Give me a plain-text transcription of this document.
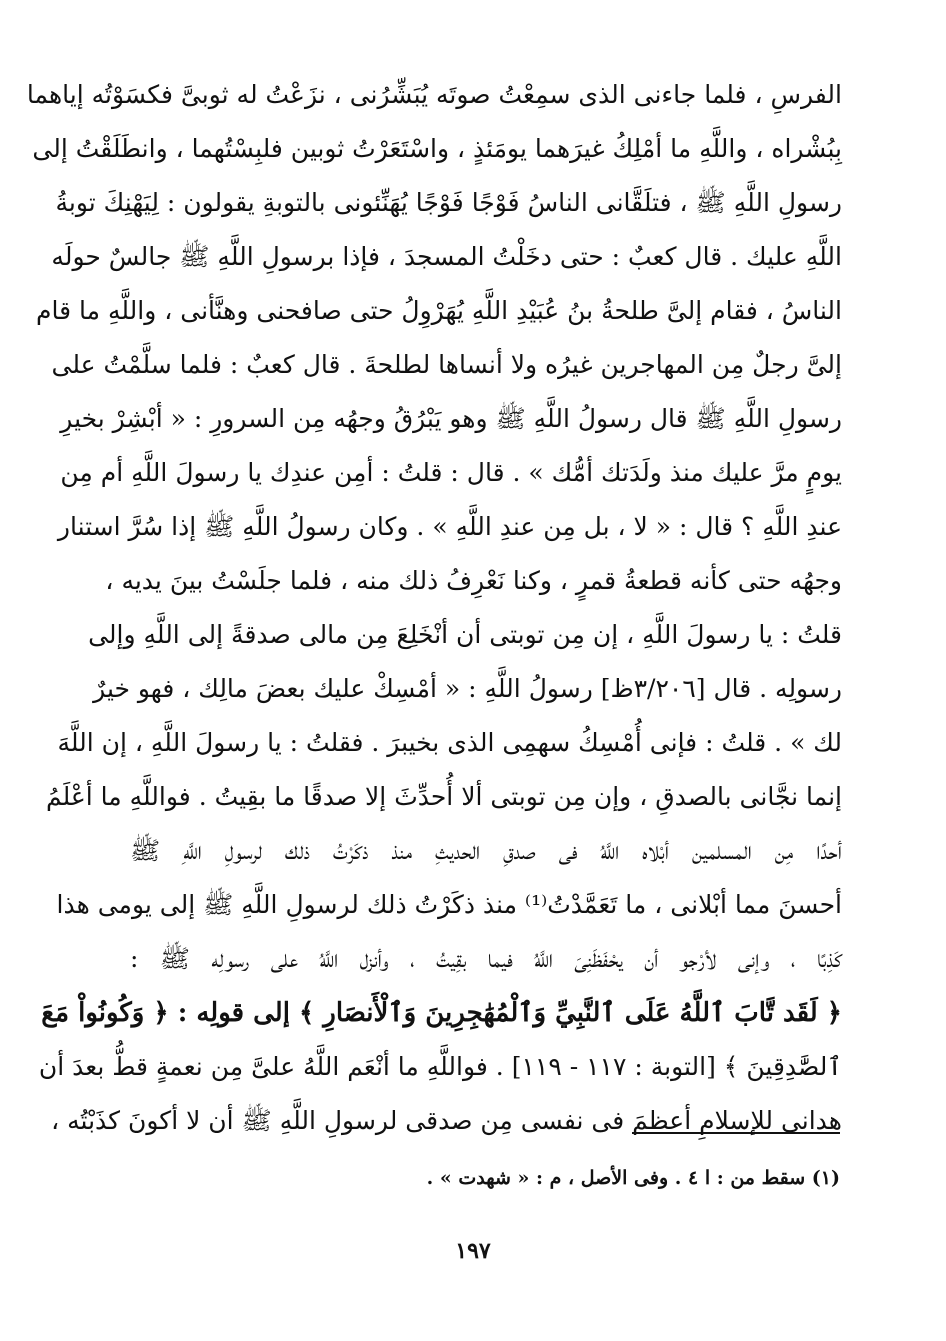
الفرسِ ، فلما جاءنى الذى سمِعْتُ صوتَه يُبَشِّرُنى ، نزَعْتُ له ثوبىَّ فكسَوْتُه إياهما
بِبُشْراه ، واللَّهِ ما أمْلِكُ غيرَهما يومَئذٍ ، واسْتَعَرْتُ ثوبين فلبِسْتُهما ، وانطَلَقْتُ إلى
رسولِ اللَّهِ ﷺ ، فتلَقَّانى الناسُ فَوْجًا فَوْجًا يُهَنِّئونى بالتوبةِ يقولون : لِيَهْنِكَ توبةُ
اللَّهِ عليك . قال كعبٌ : حتى دخَلْتُ المسجدَ ، فإذا برسولِ اللَّهِ ﷺ جالسٌ حولَه
الناسُ ، فقام إلىَّ طلحةُ بنُ عُبَيْدِ اللَّهِ يُهَرْوِلُ حتى صافحنى وهنَّأنى ، واللَّهِ ما قام
إلىَّ رجلٌ مِن المهاجرين غيرُه ولا أنساها لطلحةَ . قال كعبٌ : فلما سلَّمْتُ على
رسولِ اللَّهِ ﷺ قال رسولُ اللَّهِ ﷺ وهو يَبْرُقُ وجهُه مِن السرورِ : « أبْشِرْ بخيرِ
يومٍ مرَّ عليك منذ ولَدَتك أمُّك » . قال : قلتُ : أمِن عندِك يا رسولَ اللَّهِ أم مِن
عندِ اللَّهِ ؟ قال : « لا ، بل مِن عندِ اللَّهِ » . وكان رسولُ اللَّهِ ﷺ إذا سُرَّ استنار
وجهُه حتى كأنه قطعةُ قمرٍ ، وكنا نَعْرِفُ ذلك منه ، فلما جلَسْتُ بينَ يديه ،
قلتُ : يا رسولَ اللَّهِ ، إن مِن توبتى أن أنْخَلِعَ مِن مالى صدقةً إلى اللَّهِ وإلى
رسولِه . قال [٣/٢٠٦ظ] رسولُ اللَّهِ : « أمْسِكْ عليك بعضَ مالِك ، فهو خيرٌ
لك » . قلتُ : فإنى أُمْسِكُ سهمِى الذى بخيبرَ . فقلتُ : يا رسولَ اللَّهِ ، إن اللَّهَ
إنما نجَّانى بالصدقِ ، وإن مِن توبتى ألا أُحدِّثَ إلا صدقًا ما بقِيتُ . فواللَّهِ ما أعْلَمُ
أحدًا مِن المسلمين أبْلاه اللَّهُ فى صدقِ الحديثِ منذ ذكَرْتُ ذلك لرسولِ اللَّهِ ﷺ
أحسنَ مما أبْلانى ، ما تَعَمَّدْتُ⁽¹⁾ منذ ذكَرْتُ ذلك لرسولِ اللَّهِ ﷺ إلى يومى هذا
كَذِبًا ، وإنى لأرْجو أن يحْفَظَنِىَ اللَّهُ فيما بقِيتُ ، وأنزل اللَّهُ على رسولِه ﷺ :
﴿ لَقَد تَّابَ ٱللَّهُ عَلَى ٱلنَّبِيِّ وَٱلْمُهَٰجِرِينَ وَٱلْأَنصَارِ ﴾ إلى قولِه : ﴿ وَكُونُواْ مَعَ
ٱلصَّٰدِقِينَ ﴾ [التوبة : ١١٧ - ١١٩] . فواللَّهِ ما أنْعَم اللَّهُ علىَّ مِن نعمةٍ قطُّ بعدَ أن
هدانى للإسلامِ أعظمَ فى نفسى مِن صدقى لرسولِ اللَّهِ ﷺ أن لا أكونَ كذَبْتُه ،
(١) سقط من : ا ٤ . وفى الأصل ، م : « شهدت » .
١٩٧
